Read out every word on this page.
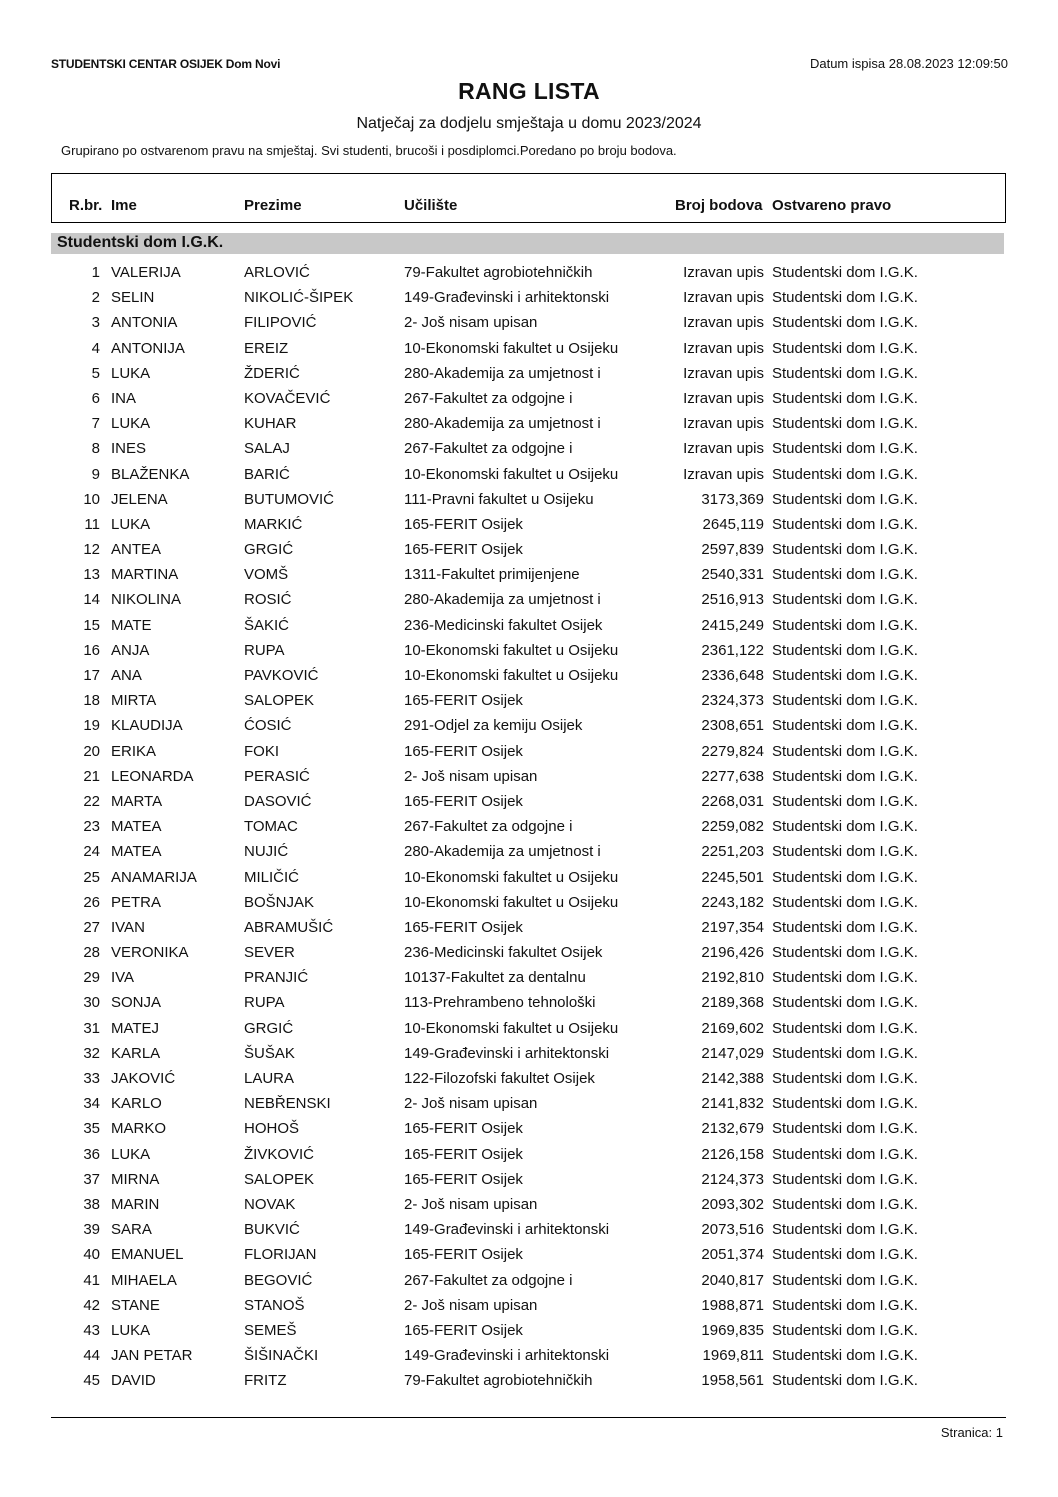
STUDENTSKI CENTAR OSIJEK Dom Novi	Datum ispisa 28.08.2023 12:09:50
RANG LISTA
Natječaj za dodjelu smještaja u domu 2023/2024
Grupirano po ostvarenom pravu na smještaj. Svi studenti, brucoši i posdiplomci.Poredano po broju bodova.
R.br. Ime	Prezime	Učilište	Broj bodova Ostvareno pravo
Studentski dom I.G.K.
1 VALERIJA	ARLOVIĆ	79-Fakultet agrobiotehničkih	Izravan upis Studentski dom I.G.K.
2 SELIN	NIKOLIĆ-ŠIPEK	149-Građevinski i arhitektonski	Izravan upis Studentski dom I.G.K.
3 ANTONIA	FILIPOVIĆ	2- Još nisam upisan	Izravan upis Studentski dom I.G.K.
4 ANTONIJA	EREIZ	10-Ekonomski fakultet u Osijeku	Izravan upis Studentski dom I.G.K.
5 LUKA	ŽDERIĆ	280-Akademija za umjetnost i	Izravan upis Studentski dom I.G.K.
6 INA	KOVAČEVIĆ	267-Fakultet za odgojne i	Izravan upis Studentski dom I.G.K.
7 LUKA	KUHAR	280-Akademija za umjetnost i	Izravan upis Studentski dom I.G.K.
8 INES	SALAJ	267-Fakultet za odgojne i	Izravan upis Studentski dom I.G.K.
9 BLAŽENKA	BARIĆ	10-Ekonomski fakultet u Osijeku	Izravan upis Studentski dom I.G.K.
10 JELENA	BUTUMOVIĆ	111-Pravni fakultet u Osijeku	3173,369 Studentski dom I.G.K.
11 LUKA	MARKIĆ	165-FERIT Osijek	2645,119 Studentski dom I.G.K.
12 ANTEA	GRGIĆ	165-FERIT Osijek	2597,839 Studentski dom I.G.K.
13 MARTINA	VOMŠ	1311-Fakultet primijenjene	2540,331 Studentski dom I.G.K.
14 NIKOLINA	ROSIĆ	280-Akademija za umjetnost i	2516,913 Studentski dom I.G.K.
15 MATE	ŠAKIĆ	236-Medicinski fakultet Osijek	2415,249 Studentski dom I.G.K.
16 ANJA	RUPA	10-Ekonomski fakultet u Osijeku	2361,122 Studentski dom I.G.K.
17 ANA	PAVKOVIĆ	10-Ekonomski fakultet u Osijeku	2336,648 Studentski dom I.G.K.
18 MIRTA	SALOPEK	165-FERIT Osijek	2324,373 Studentski dom I.G.K.
19 KLAUDIJA	ĆOSIĆ	291-Odjel za kemiju Osijek	2308,651 Studentski dom I.G.K.
20 ERIKA	FOKI	165-FERIT Osijek	2279,824 Studentski dom I.G.K.
21 LEONARDA	PERASIĆ	2- Još nisam upisan	2277,638 Studentski dom I.G.K.
22 MARTA	DASOVIĆ	165-FERIT Osijek	2268,031 Studentski dom I.G.K.
23 MATEA	TOMAC	267-Fakultet za odgojne i	2259,082 Studentski dom I.G.K.
24 MATEA	NUJIĆ	280-Akademija za umjetnost i	2251,203 Studentski dom I.G.K.
25 ANAMARIJA	MILIČIĆ	10-Ekonomski fakultet u Osijeku	2245,501 Studentski dom I.G.K.
26 PETRA	BOŠNJAK	10-Ekonomski fakultet u Osijeku	2243,182 Studentski dom I.G.K.
27 IVAN	ABRAMUŠIĆ	165-FERIT Osijek	2197,354 Studentski dom I.G.K.
28 VERONIKA	SEVER	236-Medicinski fakultet Osijek	2196,426 Studentski dom I.G.K.
29 IVA	PRANJIĆ	10137-Fakultet za dentalnu	2192,810 Studentski dom I.G.K.
30 SONJA	RUPA	113-Prehrambeno tehnološki	2189,368 Studentski dom I.G.K.
31 MATEJ	GRGIĆ	10-Ekonomski fakultet u Osijeku	2169,602 Studentski dom I.G.K.
32 KARLA	ŠUŠAK	149-Građevinski i arhitektonski	2147,029 Studentski dom I.G.K.
33 JAKOVIĆ	LAURA	122-Filozofski fakultet Osijek	2142,388 Studentski dom I.G.K.
34 KARLO	NEBŘENSKI	2- Još nisam upisan	2141,832 Studentski dom I.G.K.
35 MARKO	HOHOŠ	165-FERIT Osijek	2132,679 Studentski dom I.G.K.
36 LUKA	ŽIVKOVIĆ	165-FERIT Osijek	2126,158 Studentski dom I.G.K.
37 MIRNA	SALOPEK	165-FERIT Osijek	2124,373 Studentski dom I.G.K.
38 MARIN	NOVAK	2- Još nisam upisan	2093,302 Studentski dom I.G.K.
39 SARA	BUKVIĆ	149-Građevinski i arhitektonski	2073,516 Studentski dom I.G.K.
40 EMANUEL	FLORIJAN	165-FERIT Osijek	2051,374 Studentski dom I.G.K.
41 MIHAELA	BEGOVIĆ	267-Fakultet za odgojne i	2040,817 Studentski dom I.G.K.
42 STANE	STANOŠ	2- Još nisam upisan	1988,871 Studentski dom I.G.K.
43 LUKA	SEMEŠ	165-FERIT Osijek	1969,835 Studentski dom I.G.K.
44 JAN PETAR	ŠIŠINAČKI	149-Građevinski i arhitektonski	1969,811 Studentski dom I.G.K.
45 DAVID	FRITZ	79-Fakultet agrobiotehničkih	1958,561 Studentski dom I.G.K.
Stranica: 1
